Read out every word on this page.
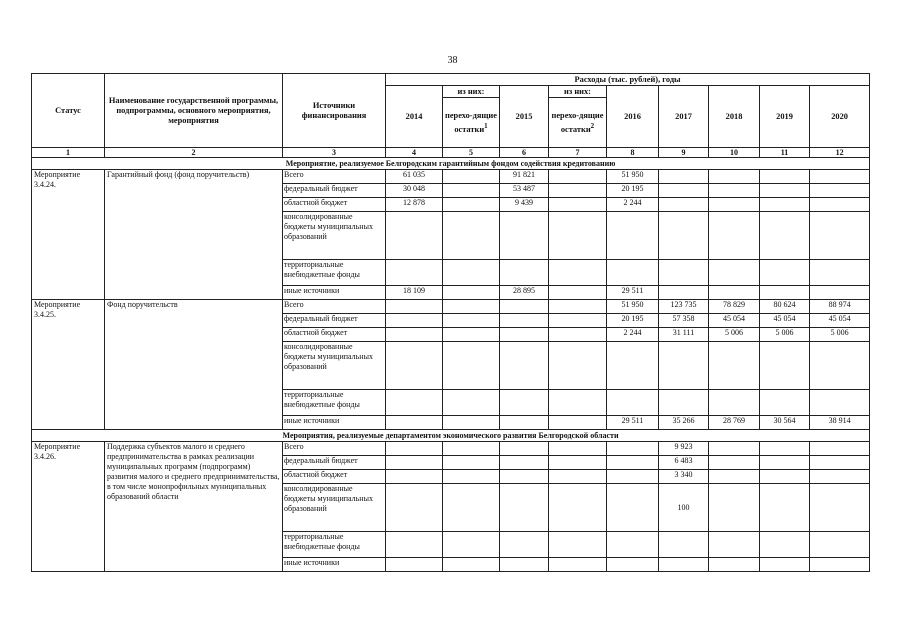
38
Статус	Наименование государственной программы, подпрограммы, основного мероприятия, мероприятия	Источники финансирования	Расходы (тыс. рублей), годы								
			2014	из них:	2015	из них:	2016	2017	2018	2019	2020
				перехо-дящие остатки$^1$		перехо-дящие остатки$^2$
1	2	3	4	5	6	7	8	9	10	11	12
Мероприятие, реализуемое Белгородским гарантийным фондом содействия кредитованию											
Мероприятие 3.4.24.	Гарантийный фонд (фонд поручительств)	Всего	61 035		91 821		51 950				
		федеральный бюджет	30 048		53 487		20 195				
		областной бюджет	12 878		9 439		2 244				
		консолидированные бюджеты муниципальных образований									
		территориальные внебюджетные фонды									
		иные источники	18 109		28 895		29 511				
Мероприятие 3.4.25.	Фонд поручительств	Всего					51 950	123 735	78 829	80 624	88 974
		федеральный бюджет					20 195	57 358	45 054	45 054	45 054
		областной бюджет					2 244	31 111	5 006	5 006	5 006
		консолидированные бюджеты муниципальных образований									
		территориальные внебюджетные фонды									
		иные источники					29 511	35 266	28 769	30 564	38 914
Мероприятия, реализуемые департаментом экономического развития Белгородской области											
Мероприятие 3.4.26.	Поддержка субъектов малого и среднего предпринимательства в рамках реализации муниципальных программ (подпрограмм) развития малого и среднего предпринимательства, в том числе монопрофильных муниципальных образований области	Всего						9 923			
		федеральный бюджет						6 483			
		областной бюджет						3 340			
		консолидированные бюджеты муниципальных образований						100			
		территориальные внебюджетные фонды									
		иные источники									
